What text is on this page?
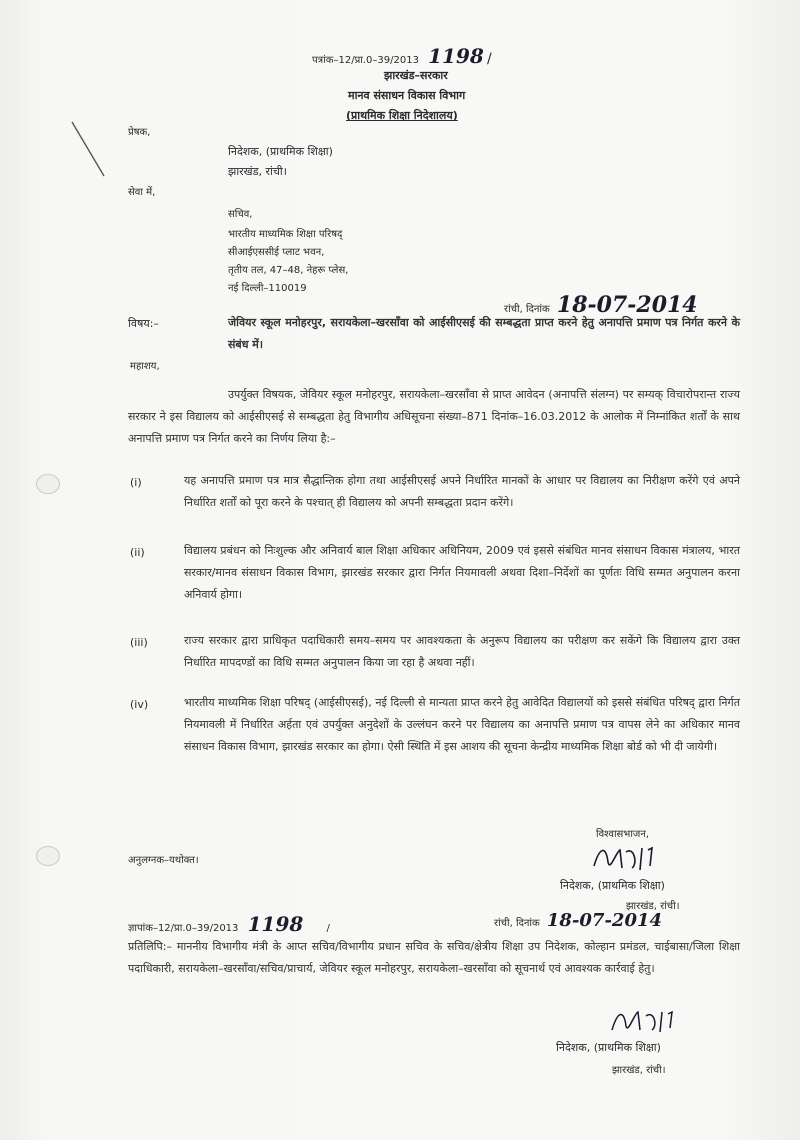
पत्रांक–12/प्रा.0–39/2013 1198 /
झारखंड–सरकार
मानव संसाधन विकास विभाग
(प्राथमिक शिक्षा निदेशालय)
प्रेषक,
निदेशक, (प्राथमिक शिक्षा)
झारखंड, रांची।
सेवा में,
सचिव,
भारतीय माध्यमिक शिक्षा परिषद्
सीआईएससीई प्लाट भवन,
तृतीय तल, 47–48, नेहरू प्लेस,
नई दिल्ली–110019
रांची, दिनांक 18-07-2014
विषय:–	जेवियर स्कूल मनोहरपुर, सरायकेला–खरसाँवा को आईसीएसई की सम्बद्धता प्राप्त करने हेतु अनापत्ति प्रमाण पत्र निर्गत करने के संबंध में।
महाशय,
उपर्युक्त विषयक, जेवियर स्कूल मनोहरपुर, सरायकेला–खरसाँवा से प्राप्त आवेदन (अनापत्ति संलग्न) पर सम्यक् विचारोपरान्त राज्य सरकार ने इस विद्यालय को आईसीएसई से सम्बद्धता हेतु विभागीय अधिसूचना संख्या–871 दिनांक–16.03.2012 के आलोक में निम्नांकित शर्तों के साथ अनापत्ति प्रमाण पत्र निर्गत करने का निर्णय लिया है:–
(i)	यह अनापत्ति प्रमाण पत्र मात्र सैद्धान्तिक होगा तथा आईसीएसई अपने निर्धारित मानकों के आधार पर विद्यालय का निरीक्षण करेंगे एवं अपने निर्धारित शर्तों को पूरा करने के पश्चात् ही विद्यालय को अपनी सम्बद्धता प्रदान करेंगे।
(ii)	विद्यालय प्रबंधन को निःशुल्क और अनिवार्य बाल शिक्षा अधिकार अधिनियम, 2009 एवं इससे संबंधित मानव संसाधन विकास मंत्रालय, भारत सरकार/मानव संसाधन विकास विभाग, झारखंड सरकार द्वारा निर्गत नियमावली अथवा दिशा–निर्देशों का पूर्णतः विधि सम्मत अनुपालन करना अनिवार्य होगा।
(iii)	राज्य सरकार द्वारा प्राधिकृत पदाधिकारी समय–समय पर आवश्यकता के अनुरूप विद्यालय का परीक्षण कर सकेंगे कि विद्यालय द्वारा उक्त निर्धारित मापदण्डों का विधि सम्मत अनुपालन किया जा रहा है अथवा नहीं।
(iv)	भारतीय माध्यमिक शिक्षा परिषद् (आईसीएसई), नई दिल्ली से मान्यता प्राप्त करने हेतु आवेदित विद्यालयों को इससे संबंधित परिषद् द्वारा निर्गत नियमावली में निर्धारित अर्हता एवं उपर्युक्त अनुदेशों के उल्लंघन करने पर विद्यालय का अनापत्ति प्रमाण पत्र वापस लेने का अधिकार मानव संसाधन विकास विभाग, झारखंड सरकार का होगा। ऐसी स्थिति में इस आशय की सूचना केन्द्रीय माध्यमिक शिक्षा बोर्ड को भी दी जायेगी।
विश्वासभाजन,
निदेशक, (प्राथमिक शिक्षा)
झारखंड, रांची।
अनुलग्नक–यथोक्त।
ज्ञापांक–12/प्रा.0–39/2013 1198 /	रांची, दिनांक 18-07-2014
प्रतिलिपि:– माननीय विभागीय मंत्री के आप्त सचिव/विभागीय प्रधान सचिव के सचिव/क्षेत्रीय शिक्षा उप निदेशक, कोल्हान प्रमंडल, चाईबासा/जिला शिक्षा पदाधिकारी, सरायकेला–खरसाँवा/सचिव/प्राचार्य, जेवियर स्कूल मनोहरपुर, सरायकेला–खरसाँवा को सूचनार्थ एवं आवश्यक कार्रवाई हेतु।
निदेशक, (प्राथमिक शिक्षा)
झारखंड, रांची।
